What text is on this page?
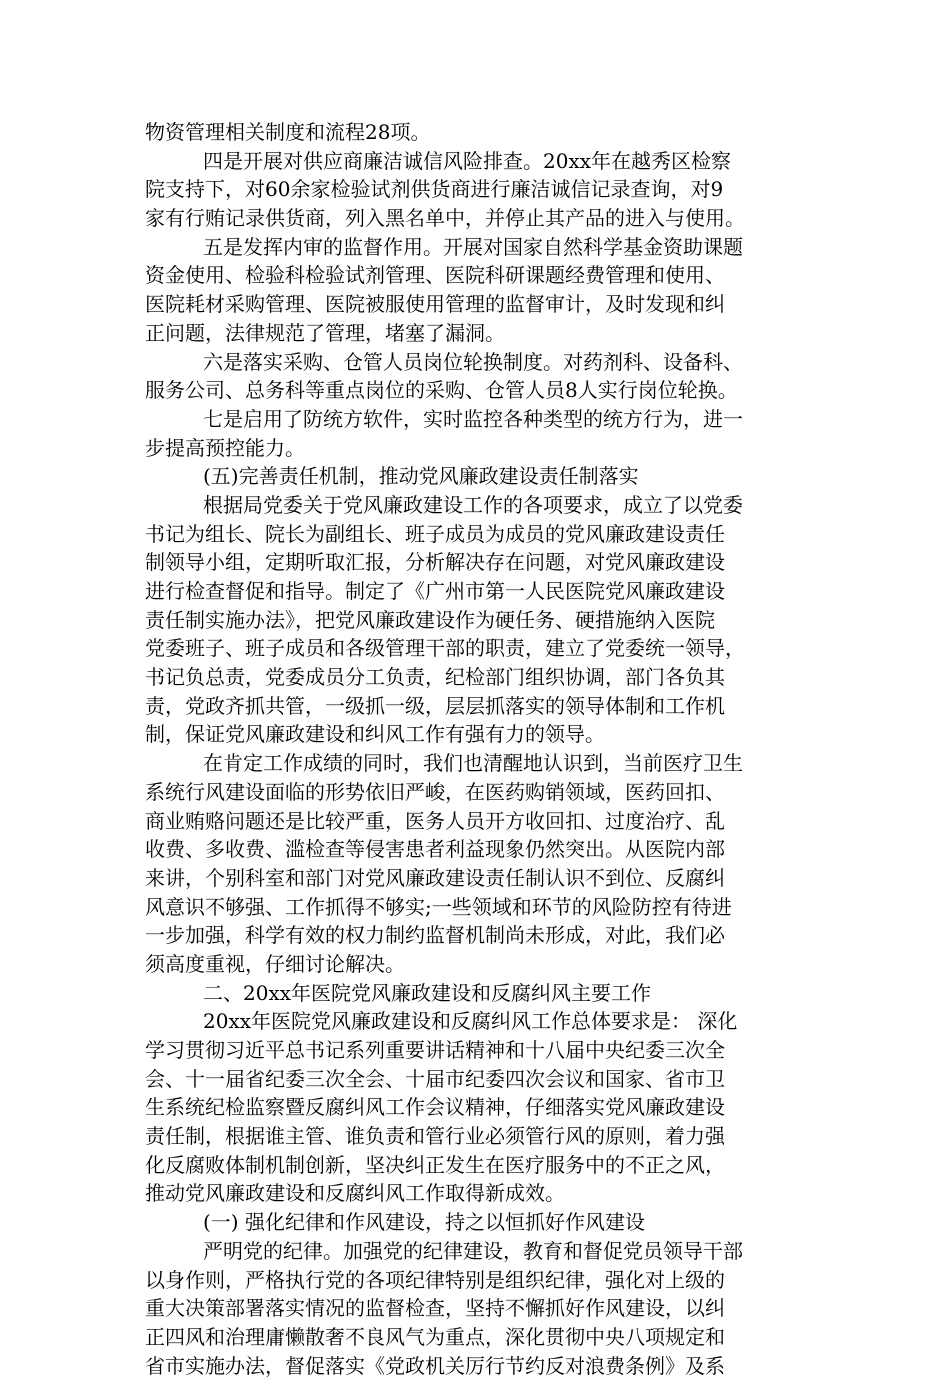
物资管理相关制度和流程28项。
四是开展对供应商廉洁诚信风险排查。20xx年在越秀区检察
院支持下，对60余家检验试剂供货商进行廉洁诚信记录查询，对9
家有行贿记录供货商，列入黑名单中，并停止其产品的进入与使用。
五是发挥内审的监督作用。开展对国家自然科学基金资助课题
资金使用、检验科检验试剂管理、医院科研课题经费管理和使用、
医院耗材采购管理、医院被服使用管理的监督审计，及时发现和纠
正问题，法律规范了管理，堵塞了漏洞。
六是落实采购、仓管人员岗位轮换制度。对药剂科、设备科、
服务公司、总务科等重点岗位的采购、仓管人员8人实行岗位轮换。
七是启用了防统方软件，实时监控各种类型的统方行为，进一
步提高预控能力。
(五)完善责任机制，推动党风廉政建设责任制落实
根据局党委关于党风廉政建设工作的各项要求，成立了以党委
书记为组长、院长为副组长、班子成员为成员的党风廉政建设责任
制领导小组，定期听取汇报，分析解决存在问题，对党风廉政建设
进行检查督促和指导。制定了《广州市第一人民医院党风廉政建设
责任制实施办法》，把党风廉政建设作为硬任务、硬措施纳入医院
党委班子、班子成员和各级管理干部的职责，建立了党委统一领导，
书记负总责，党委成员分工负责，纪检部门组织协调，部门各负其
责，党政齐抓共管，一级抓一级，层层抓落实的领导体制和工作机
制，保证党风廉政建设和纠风工作有强有力的领导。
在肯定工作成绩的同时，我们也清醒地认识到，当前医疗卫生
系统行风建设面临的形势依旧严峻，在医药购销领域，医药回扣、
商业贿赂问题还是比较严重，医务人员开方收回扣、过度治疗、乱
收费、多收费、滥检查等侵害患者利益现象仍然突出。从医院内部
来讲，个别科室和部门对党风廉政建设责任制认识不到位、反腐纠
风意识不够强、工作抓得不够实;一些领域和环节的风险防控有待进
一步加强，科学有效的权力制约监督机制尚未形成，对此，我们必
须高度重视，仔细讨论解决。
二、20xx年医院党风廉政建设和反腐纠风主要工作
20xx年医院党风廉政建设和反腐纠风工作总体要求是： 深化
学习贯彻习近平总书记系列重要讲话精神和十八届中央纪委三次全
会、十一届省纪委三次全会、十届市纪委四次会议和国家、省市卫
生系统纪检监察暨反腐纠风工作会议精神，仔细落实党风廉政建设
责任制，根据谁主管、谁负责和管行业必须管行风的原则，着力强
化反腐败体制机制创新，坚决纠正发生在医疗服务中的不正之风，
推动党风廉政建设和反腐纠风工作取得新成效。
(一) 强化纪律和作风建设，持之以恒抓好作风建设
严明党的纪律。加强党的纪律建设，教育和督促党员领导干部
以身作则，严格执行党的各项纪律特别是组织纪律，强化对上级的
重大决策部署落实情况的监督检查，坚持不懈抓好作风建设，以纠
正四风和治理庸懒散奢不良风气为重点，深化贯彻中央八项规定和
省市实施办法，督促落实《党政机关厉行节约反对浪费条例》及系
